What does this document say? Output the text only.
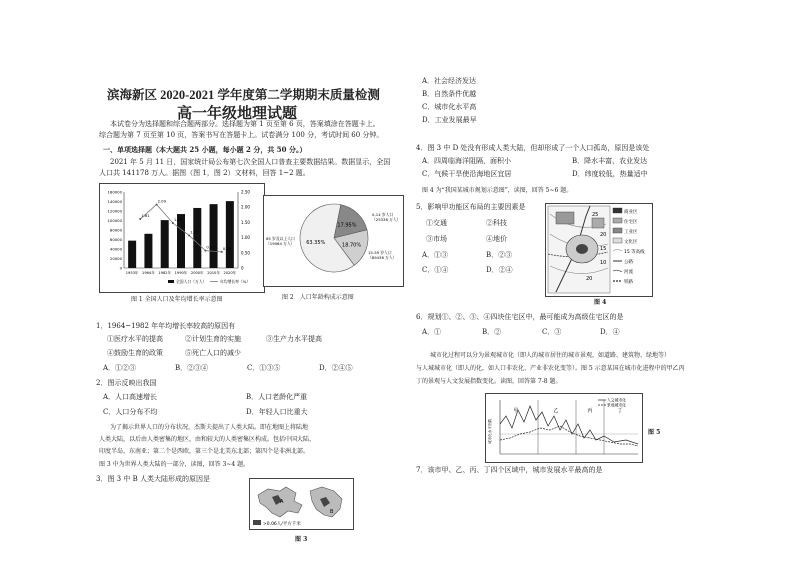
滨海新区 2020-2021 学年度第二学期期末质量检测
高一年级地理试题
本试卷分为选择题和综合题两部分。选择题为第 1 页至第 6 页，答案填涂在答题卡上。
综合题为第 7 页至第 10 页，答案书写在答题卡上。试卷满分 100 分，考试时间 60 分钟。
一、单项选择题（本大题共 25 小题，每小题 2 分，共 50 分。）
2021 年 5 月 11 日，国家统计局公布第七次全国人口普查主要数据结果。数据显示，全国
人口共 141178 万人。据图（图 1，图 2）文材料，回答 1~2 题。
160000
140000
120000
100000
80000
60000
40000
20000
0
2.50
2.00
1.50
1.00
0.50
0
1953年 1964年 1982年 1990年 2000年 2010年 2020年
1.61
2.09
1.48
1.07
0.57 0.53
全国人口（万人）	年均增长率（%）
图 1 全国人口及年均增长率示意图
17.95%
18.70%
63.35%
0-14 岁人口
（25338 万人）
15-59 岁人口
（89438 万人）
65 岁及以上人口
（19064 万人）
图 2　人口年龄构成示意图
1．1964~1982 年年均增长率较高的原因有
①医疗水平的提高	②计划生育的实施	③生产力水平提高
④鼓励生育的政策	⑤死亡人口的减少
A．①②③	B．②③④	C．①③⑤	D．②④⑤
2．图示反映出我国
A．人口高速增长	B．人口老龄化严重
C．人口分布不均	D．年轻人口比重大
为了揭示世界人口的分布状况，杰斯夫提出了人类大陆。即在地图上将陆地
人类大陆，以后由人类密集的地区，由和较大的人类密集区构成。包括中国大陆、
印度半岛、东南亚；第二个是西欧，第三个是北美东北部；第四个是非洲北部。
图 3 中为世界人类大陆的一部分，读图，回答 3~4 题。
3．图 3 中 B 人类大陆形成的原因是
A
B
>0.06人/平方千米
图 3
A．社会经济发达
B．自然条件优越
C．城市化水平高
D．工业发展最早
4．图 3 中 D 处没有形成人类大陆，但却形成了一个人口孤岛，原因是该处
A．四周临海洋阻隔，面积小	B．降水丰富，农业发达
C．气候干旱使沿海地区宜居	D．纬度较低，热量适中
图 4 为“我国某城市规划示意图”，读图，回答 5~6 题。
5．影响甲功能区布局的主要因素是
①交通	②科技
③市场	④地价
A．①③	B．②③
C．①④	D．②④
25
20
15
10
20
商业区
住宅区
工业区
文化区
15 等高线
公路
河流
铁路
图 4
6．规划①、②、③、④四块住宅区中，最可能成为高级住宅区的是
A．①	B．②	C．③	D．④
城市化过程可以分为景观城市化（即人的城市居住的城市景观，如道路、建筑物、绿地等）
与人城城市化（即人的化，如人口非农化、产业非农化变等）。图 5 示意某国在城市化进程中的甲乙丙
丁的景观与人文发展指数变化。读图，回答第 7-8 题。
城市化水平指数
甲	乙	丙	丁
人文城市化
景观城市化
图 5
7．该市甲、乙、丙、丁四个区域中，城市发展水平最高的是
